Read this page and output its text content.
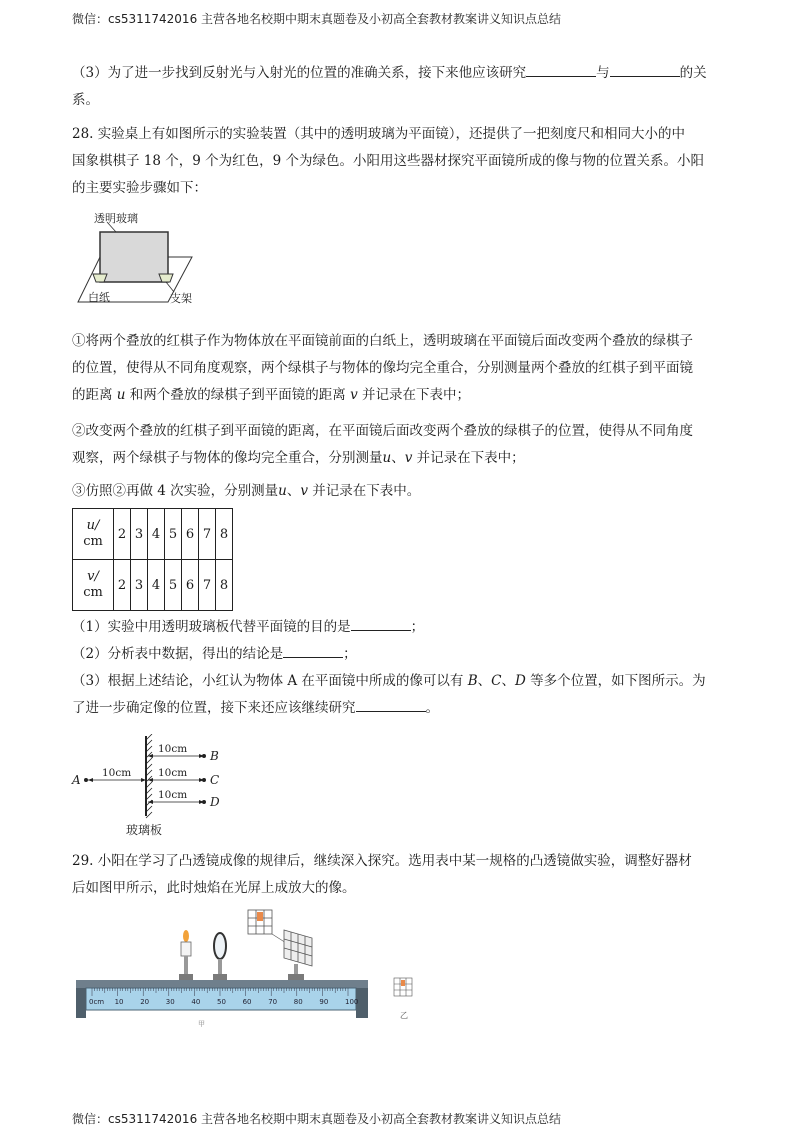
微信：cs5311742016 主营各地名校期中期末真题卷及小初高全套教材教案讲义知识点总结
（3）为了进一步找到反射光与入射光的位置的准确关系，接下来他应该研究	与	的关
系。
28. 实验桌上有如图所示的实验装置（其中的透明玻璃为平面镜），还提供了一把刻度尺和相同大小的中
国象棋棋子 18 个，9 个为红色，9 个为绿色。小阳用这些器材探究平面镜所成的像与物的位置关系。小阳
的主要实验步骤如下：
透明玻璃
白纸	支架
①将两个叠放的红棋子作为物体放在平面镜前面的白纸上，透明玻璃在平面镜后面改变两个叠放的绿棋子
的位置，使得从不同角度观察，两个绿棋子与物体的像均完全重合，分别测量两个叠放的红棋子到平面镜
的距离 u 和两个叠放的绿棋子到平面镜的距离 v 并记录在下表中；
②改变两个叠放的红棋子到平面镜的距离，在平面镜后面改变两个叠放的绿棋子的位置，使得从不同角度
观察，两个绿棋子与物体的像均完全重合，分别测量u、v 并记录在下表中；
③仿照②再做 4 次实验，分别测量u、v 并记录在下表中。
u/
cm	2	3	4	5	6	7	8
v/
cm	2	3	4	5	6	7	8
（1）实验中用透明玻璃板代替平面镜的目的是	；
（2）分析表中数据，得出的结论是	；
（3）根据上述结论，小红认为物体 A 在平面镜中所成的像可以有 B、C、D 等多个位置，如下图所示。为
了进一步确定像的位置，接下来还应该继续研究	。
A
B
C
D
10cm
10cm
10cm
10cm
玻璃板
29. 小阳在学习了凸透镜成像的规律后，继续深入探究。选用表中某一规格的凸透镜做实验，调整好器材
后如图甲所示，此时烛焰在光屏上成放大的像。
0cm 10 20 30 40 50 60 70 80 90 100
甲
乙
微信：cs5311742016 主营各地名校期中期末真题卷及小初高全套教材教案讲义知识点总结
